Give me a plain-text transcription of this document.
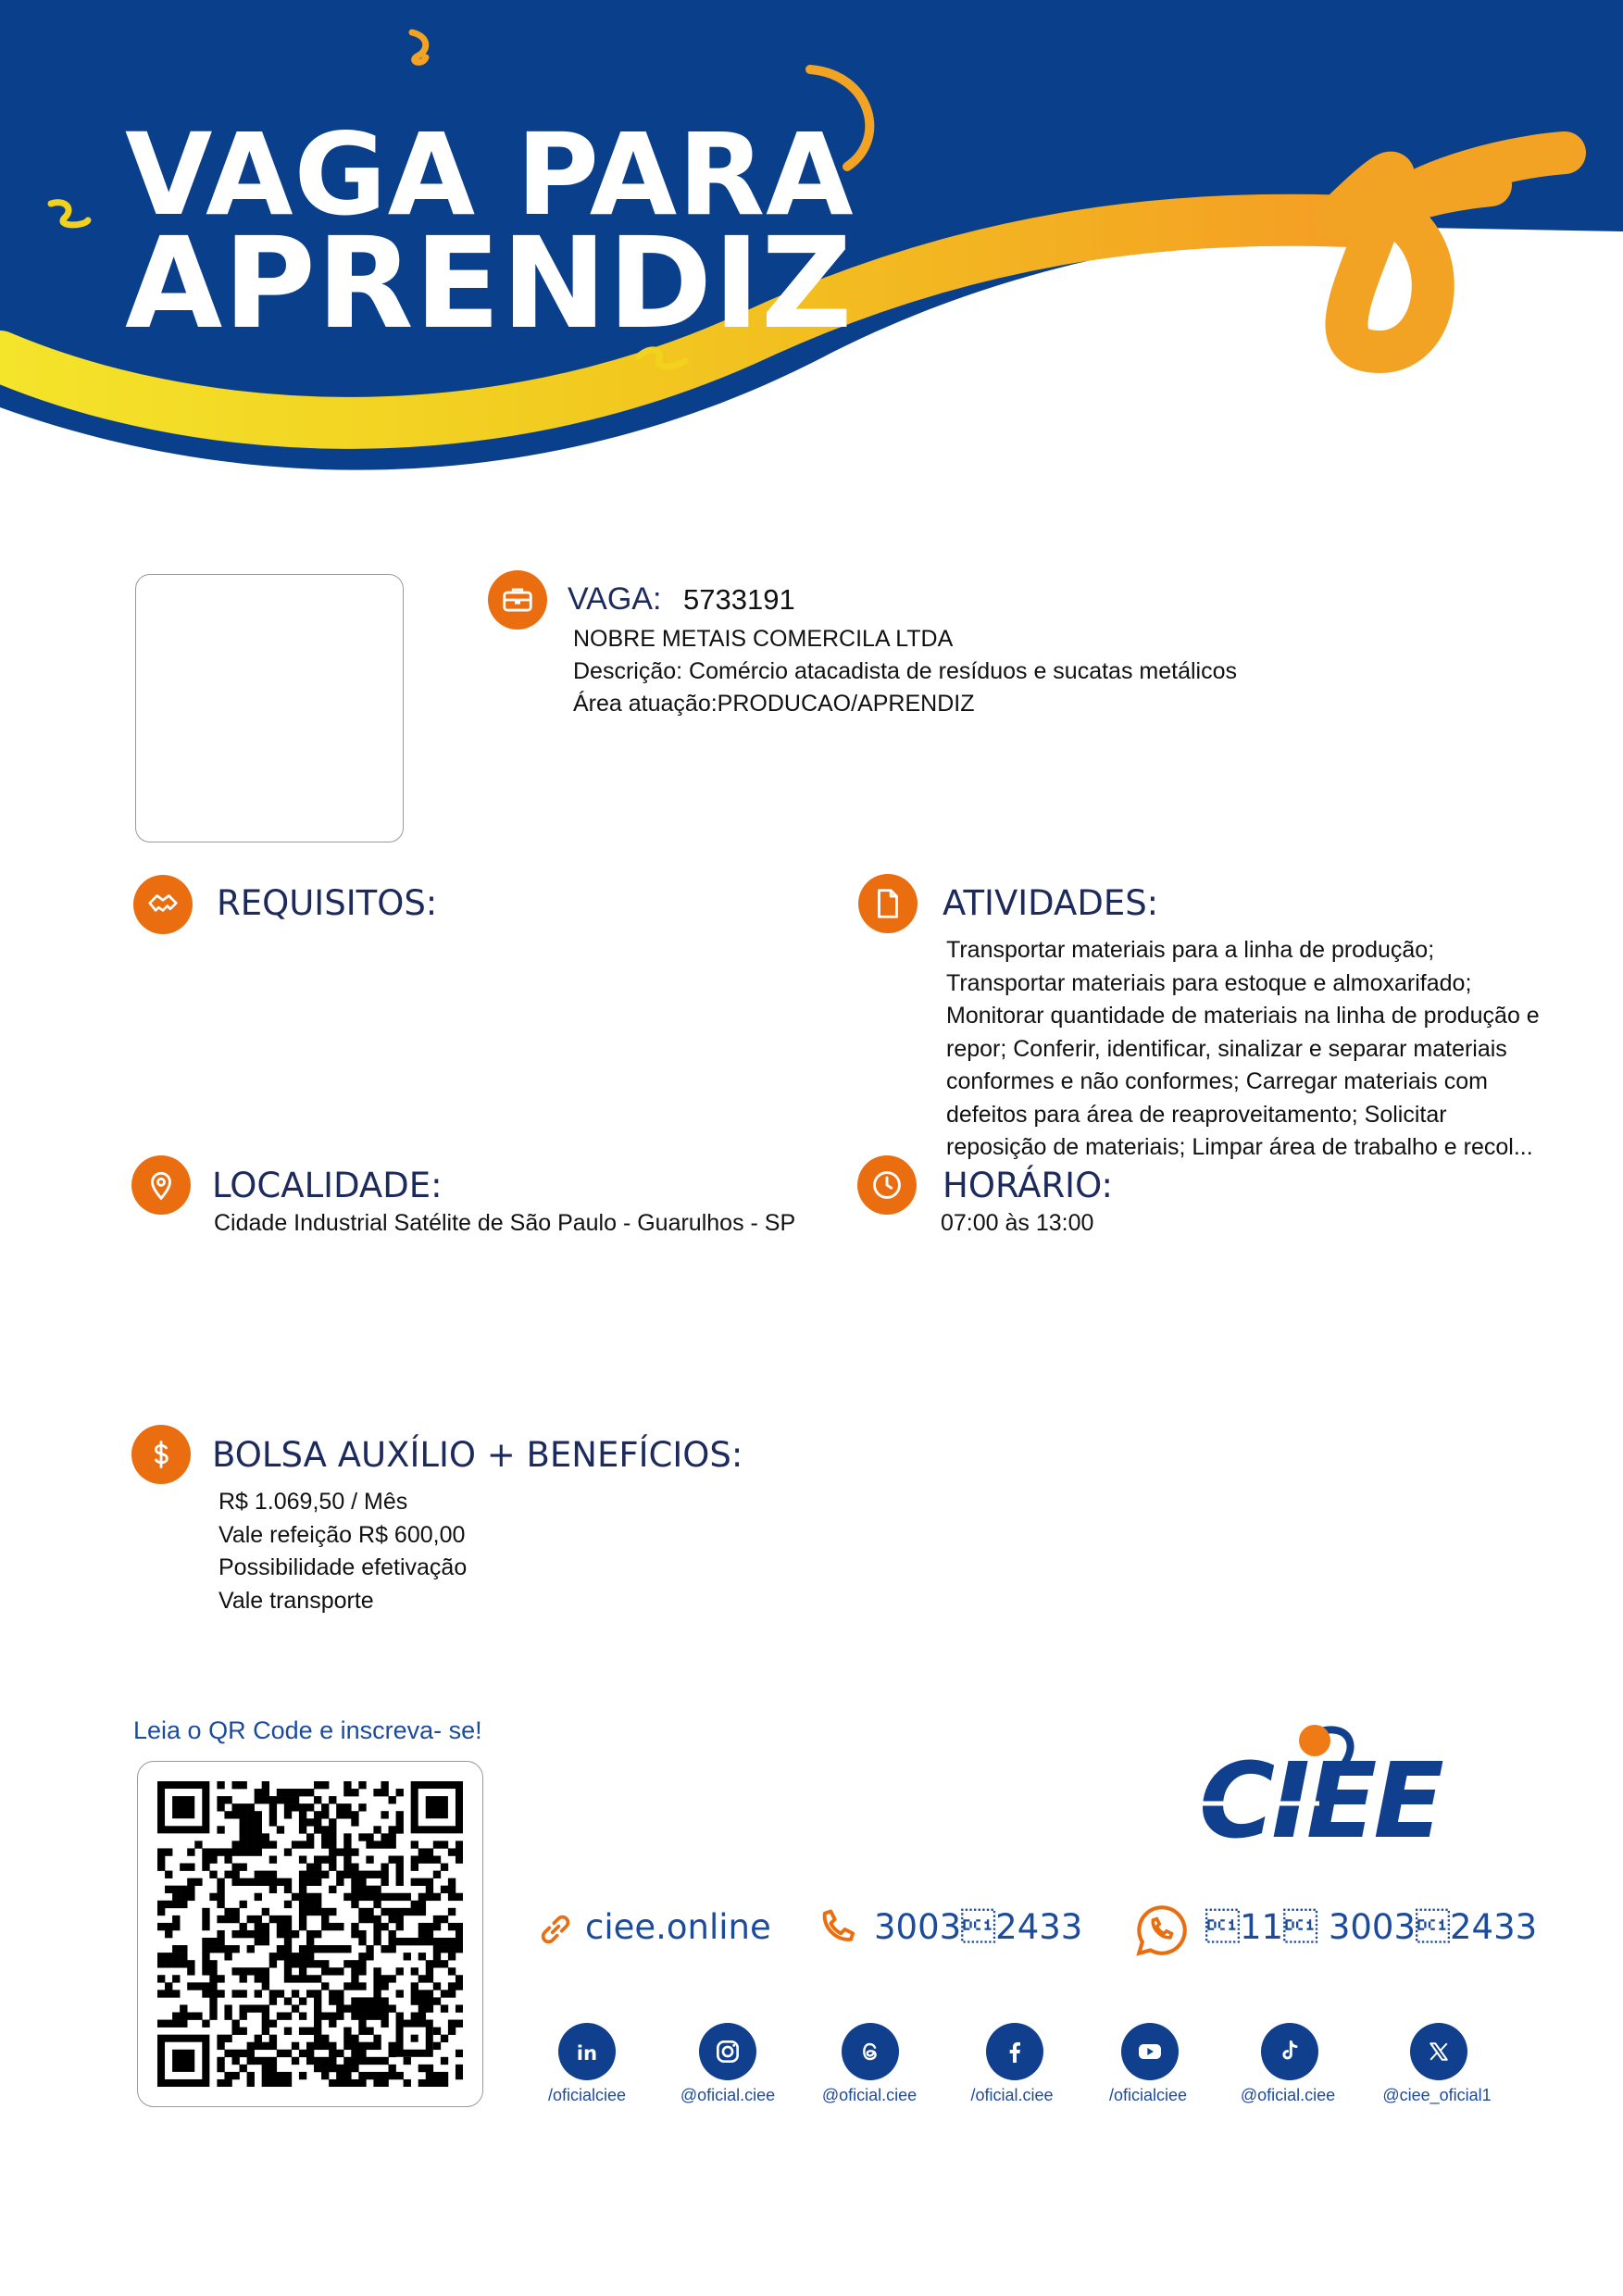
VAGA PARA
APRENDIZ
VAGA: 5733191
NOBRE METAIS COMERCILA LTDA
Descrição: Comércio atacadista de resíduos e sucatas metálicos
Área atuação:PRODUCAO/APRENDIZ
REQUISITOS:	ATIVIDADES:
Transportar materiais para a linha de produção;
Transportar materiais para estoque e almoxarifado;
Monitorar quantidade de materiais na linha de produção e
repor; Conferir, identificar, sinalizar e separar materiais
conformes e não conformes; Carregar materiais com
defeitos para área de reaproveitamento; Solicitar
reposição de materiais; Limpar área de trabalho e recol...
LOCALIDADE:
Cidade Industrial Satélite de São Paulo - Guarulhos - SP
HORÁRIO:
07:00 às 13:00
BOLSA AUXÍLIO + BENEFÍCIOS:
R$ 1.069,50 / Mês
Vale refeição R$ 600,00
Possibilidade efetivação
Vale transporte
Leia o QR Code e inscreva- se!
CIEE
ciee.online	30032433	11 30032433
in
/oficialciee	@oficial.ciee	@oficial.ciee	/oficial.ciee	/oficialciee	@oficial.ciee	@ciee_oficial1
